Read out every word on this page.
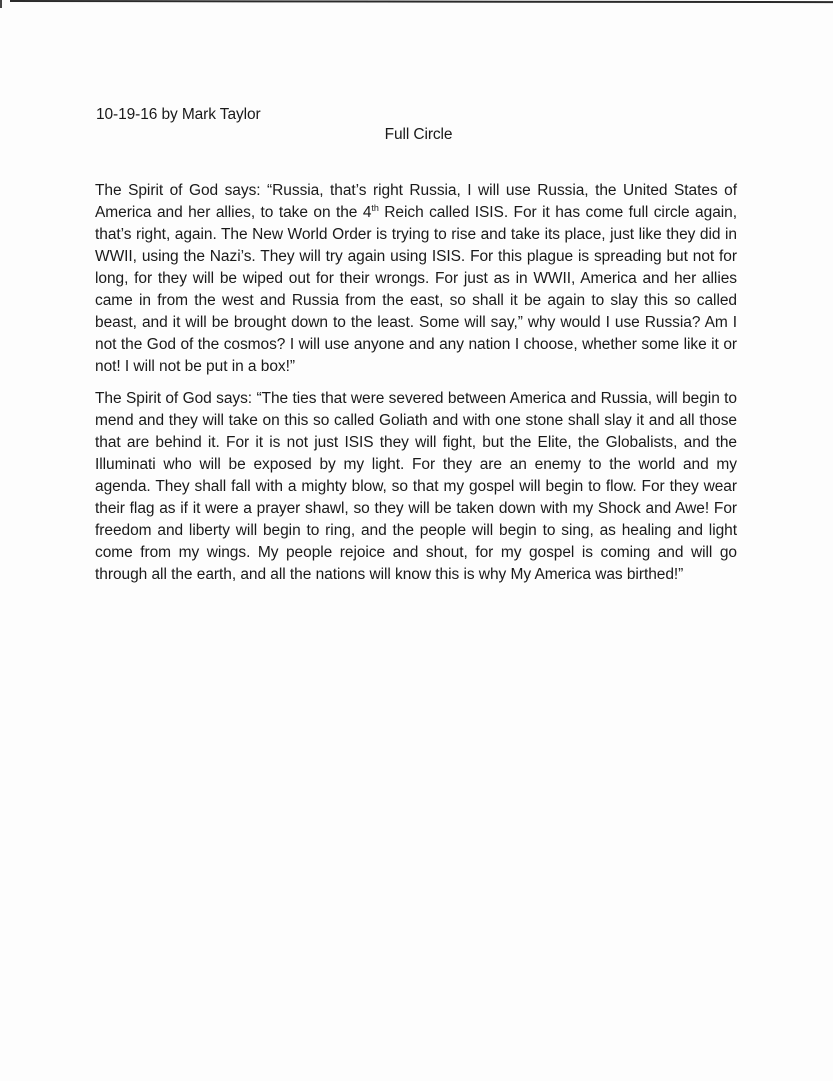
10-19-16 by Mark Taylor
Full Circle

The Spirit of God says: “Russia, that’s right Russia, I will use Russia, the United States of America and her allies, to take on the 4th Reich called ISIS. For it has come full circle again, that’s right, again. The New World Order is trying to rise and take its place, just like they did in WWII, using the Nazi’s. They will try again using ISIS. For this plague is spreading but not for long, for they will be wiped out for their wrongs. For just as in WWII, America and her allies came in from the west and Russia from the east, so shall it be again to slay this so called beast, and it will be brought down to the least. Some will say,” why would I use Russia? Am I not the God of the cosmos? I will use anyone and any nation I choose, whether some like it or not! I will not be put in a box!”

The Spirit of God says: “The ties that were severed between America and Russia, will begin to mend and they will take on this so called Goliath and with one stone shall slay it and all those that are behind it. For it is not just ISIS they will fight, but the Elite, the Globalists, and the Illuminati who will be exposed by my light. For they are an enemy to the world and my agenda. They shall fall with a mighty blow, so that my gospel will begin to flow. For they wear their flag as if it were a prayer shawl, so they will be taken down with my Shock and Awe! For freedom and liberty will begin to ring, and the people will begin to sing, as healing and light come from my wings. My people rejoice and shout, for my gospel is coming and will go through all the earth, and all the nations will know this is why My America was birthed!”
